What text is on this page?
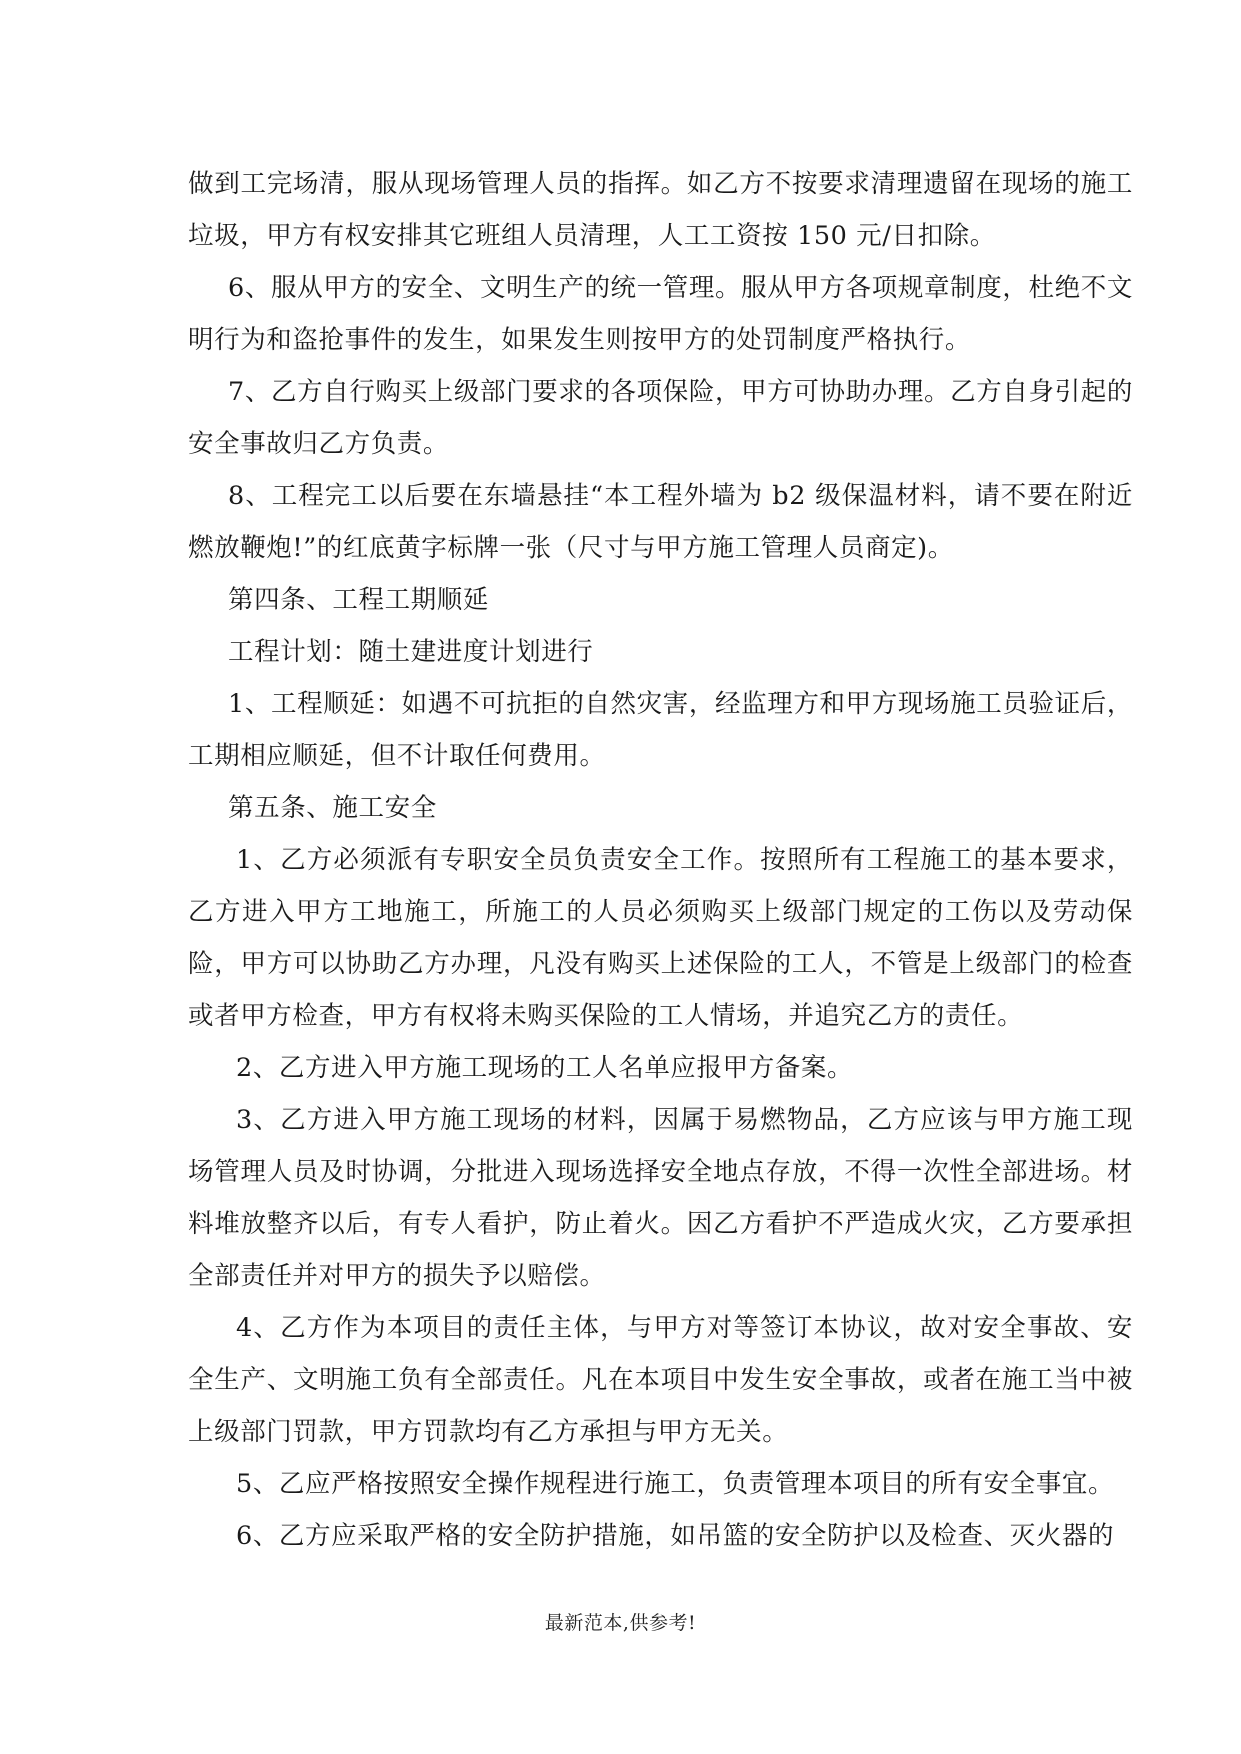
做到工完场清，服从现场管理人员的指挥。如乙方不按要求清理遗留在现场的施工垃圾，甲方有权安排其它班组人员清理，人工工资按 150 元/日扣除。

6、服从甲方的安全、文明生产的统一管理。服从甲方各项规章制度，杜绝不文明行为和盗抢事件的发生，如果发生则按甲方的处罚制度严格执行。

7、乙方自行购买上级部门要求的各项保险，甲方可协助办理。乙方自身引起的安全事故归乙方负责。

8、工程完工以后要在东墙悬挂“本工程外墙为 b2 级保温材料，请不要在附近燃放鞭炮!”的红底黄字标牌一张（尺寸与甲方施工管理人员商定)。

第四条、工程工期顺延

工程计划：随土建进度计划进行

1、工程顺延：如遇不可抗拒的自然灾害，经监理方和甲方现场施工员验证后，工期相应顺延，但不计取任何费用。

第五条、施工安全

1、乙方必须派有专职安全员负责安全工作。按照所有工程施工的基本要求，乙方进入甲方工地施工，所施工的人员必须购买上级部门规定的工伤以及劳动保险，甲方可以协助乙方办理，凡没有购买上述保险的工人，不管是上级部门的检查或者甲方检查，甲方有权将未购买保险的工人情场，并追究乙方的责任。

2、乙方进入甲方施工现场的工人名单应报甲方备案。

3、乙方进入甲方施工现场的材料，因属于易燃物品，乙方应该与甲方施工现场管理人员及时协调，分批进入现场选择安全地点存放，不得一次性全部进场。材料堆放整齐以后，有专人看护，防止着火。因乙方看护不严造成火灾，乙方要承担全部责任并对甲方的损失予以赔偿。

4、乙方作为本项目的责任主体，与甲方对等签订本协议，故对安全事故、安全生产、文明施工负有全部责任。凡在本项目中发生安全事故，或者在施工当中被上级部门罚款，甲方罚款均有乙方承担与甲方无关。

5、乙应严格按照安全操作规程进行施工，负责管理本项目的所有安全事宜。

6、乙方应采取严格的安全防护措施，如吊篮的安全防护以及检查、灭火器的

最新范本,供参考!
